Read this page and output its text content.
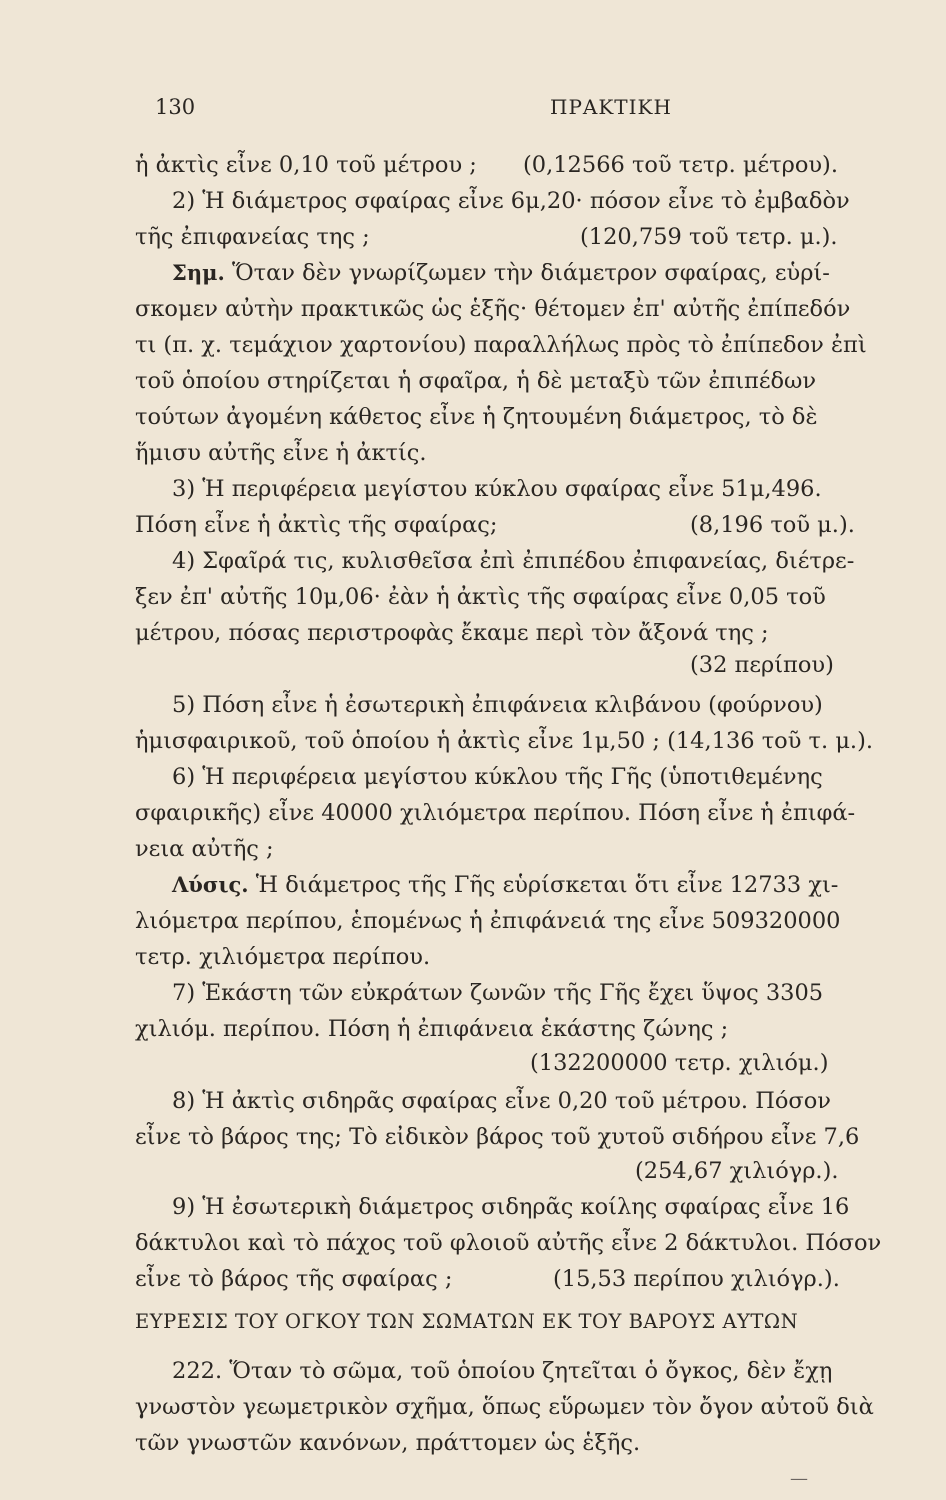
130	ΠΡΑΚΤΙΚΗ
ἡ ἀκτὶς εἶνε 0,10 τοῦ μέτρου ; (0,12566 τοῦ τετρ. μέτρου).
2) Ἡ διάμετρος σφαίρας εἶνε 6μ,20· πόσον εἶνε τὸ ἐμβαδὸν
τῆς ἐπιφανείας της ;	(120,759 τοῦ τετρ. μ.).
Σημ. Ὅταν δὲν γνωρίζωμεν τὴν διάμετρον σφαίρας, εὑρί-
σκομεν αὐτὴν πρακτικῶς ὡς ἑξῆς· θέτομεν ἐπ' αὐτῆς ἐπίπεδόν
τι (π. χ. τεμάχιον χαρτονίου) παραλλήλως πρὸς τὸ ἐπίπεδον ἐπὶ
τοῦ ὁποίου στηρίζεται ἡ σφαῖρα, ἡ δὲ μεταξὺ τῶν ἐπιπέδων
τούτων ἀγομένη κάθετος εἶνε ἡ ζητουμένη διάμετρος, τὸ δὲ
ἥμισυ αὐτῆς εἶνε ἡ ἀκτίς.
3) Ἡ περιφέρεια μεγίστου κύκλου σφαίρας εἶνε 51μ,496.
Πόση εἶνε ἡ ἀκτὶς τῆς σφαίρας;	(8,196 τοῦ μ.).
4) Σφαῖρά τις, κυλισθεῖσα ἐπὶ ἐπιπέδου ἐπιφανείας, διέτρε-
ξεν ἐπ' αὐτῆς 10μ,06· ἐὰν ἡ ἀκτὶς τῆς σφαίρας εἶνε 0,05 τοῦ
μέτρου, πόσας περιστροφὰς ἔκαμε περὶ τὸν ἄξονά της ;
(32 περίπου)
5) Πόση εἶνε ἡ ἐσωτερικὴ ἐπιφάνεια κλιβάνου (φούρνου)
ἡμισφαιρικοῦ, τοῦ ὁποίου ἡ ἀκτὶς εἶνε 1μ,50 ; (14,136 τοῦ τ. μ.).
6) Ἡ περιφέρεια μεγίστου κύκλου τῆς Γῆς (ὑποτιθεμένης
σφαιρικῆς) εἶνε 40000 χιλιόμετρα περίπου. Πόση εἶνε ἡ ἐπιφά-
νεια αὐτῆς ;
Λύσις. Ἡ διάμετρος τῆς Γῆς εὑρίσκεται ὅτι εἶνε 12733 χι-
λιόμετρα περίπου, ἑπομένως ἡ ἐπιφάνειά της εἶνε 509320000
τετρ. χιλιόμετρα περίπου.
7) Ἑκάστη τῶν εὐκράτων ζωνῶν τῆς Γῆς ἔχει ὕψος 3305
χιλιόμ. περίπου. Πόση ἡ ἐπιφάνεια ἑκάστης ζώνης ;
(132200000 τετρ. χιλιόμ.)
8) Ἡ ἀκτὶς σιδηρᾶς σφαίρας εἶνε 0,20 τοῦ μέτρου. Πόσον
εἶνε τὸ βάρος της; Τὸ εἰδικὸν βάρος τοῦ χυτοῦ σιδήρου εἶνε 7,6
(254,67 χιλιόγρ.).
9) Ἡ ἐσωτερικὴ διάμετρος σιδηρᾶς κοίλης σφαίρας εἶνε 16
δάκτυλοι καὶ τὸ πάχος τοῦ φλοιοῦ αὐτῆς εἶνε 2 δάκτυλοι. Πόσον
εἶνε τὸ βάρος τῆς σφαίρας ;	(15,53 περίπου χιλιόγρ.).
ΕΥΡΕΣΙΣ ΤΟΥ ΟΓΚΟΥ ΤΩΝ ΣΩΜΑΤΩΝ ΕΚ ΤΟΥ ΒΑΡΟΥΣ ΑΥΤΩΝ
222. Ὅταν τὸ σῶμα, τοῦ ὁποίου ζητεῖται ὁ ὄγκος, δὲν ἔχῃ
γνωστὸν γεωμετρικὸν σχῆμα, ὅπως εὕρωμεν τὸν ὄγον αὐτοῦ διὰ
τῶν γνωστῶν κανόνων, πράττομεν ὡς ἑξῆς.
—
